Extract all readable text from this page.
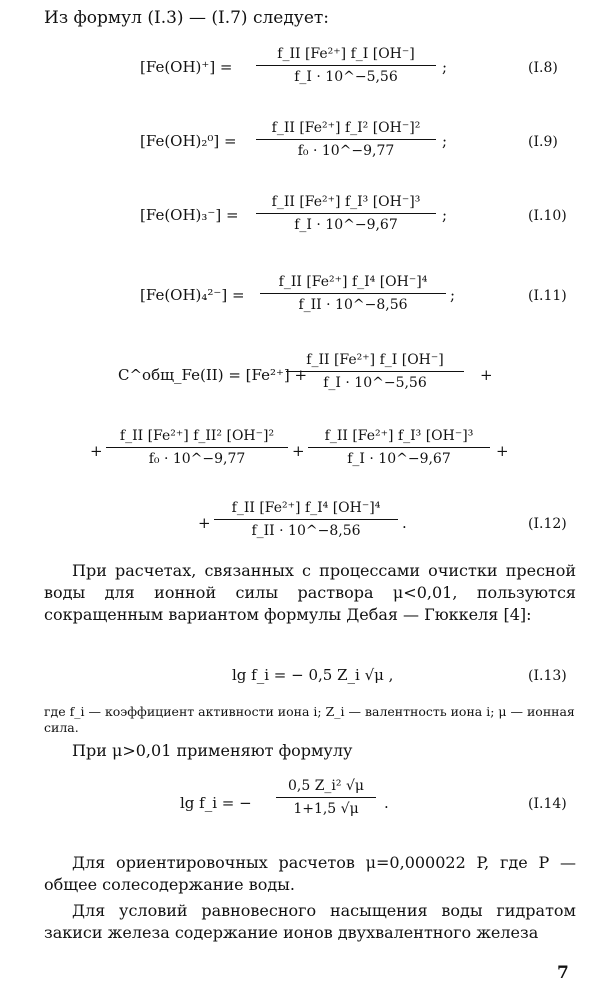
Из формул (I.3) — (I.7) следует:
[Fe(OH)⁺] =
f_II [Fe²⁺] f_I [OH⁻]
f_I · 10^−5,56
;	(I.8)
[Fe(OH)₂⁰] =
f_II [Fe²⁺] f_I² [OH⁻]²
f₀ · 10^−9,77
;	(I.9)
[Fe(OH)₃⁻] =
f_II [Fe²⁺] f_I³ [OH⁻]³
f_I · 10^−9,67
;	(I.10)
[Fe(OH)₄²⁻] =
f_II [Fe²⁺] f_I⁴ [OH⁻]⁴
f_II · 10^−8,56
;	(I.11)
C^общ_Fe(II) = [Fe²⁺] +
f_II [Fe²⁺] f_I [OH⁻]
f_I · 10^−5,56	+
+
f_II [Fe²⁺] f_II² [OH⁻]²
f₀ · 10^−9,77	+
f_II [Fe²⁺] f_I³ [OH⁻]³
f_I · 10^−9,67	+
+
f_II [Fe²⁺] f_I⁴ [OH⁻]⁴
f_II · 10^−8,56	.	(I.12)
При расчетах, связанных с процессами очистки пресной воды для ионной силы раствора μ<0,01, пользуются сокращенным вариантом формулы Дебая — Гюккеля [4]:
lg f_i = − 0,5 Z_i √μ ,	(I.13)
где f_i — коэффициент активности иона i; Z_i — валентность иона i; μ — ионная сила.
При μ>0,01 применяют формулу
lg f_i = −
0,5 Z_i² √μ
1+1,5 √μ	.	(I.14)
Для ориентировочных расчетов μ=0,000022 P, где P — общее солесодержание воды.
Для условий равновесного насыщения воды гидратом закиси железа содержание ионов двухвалентного железа
7
